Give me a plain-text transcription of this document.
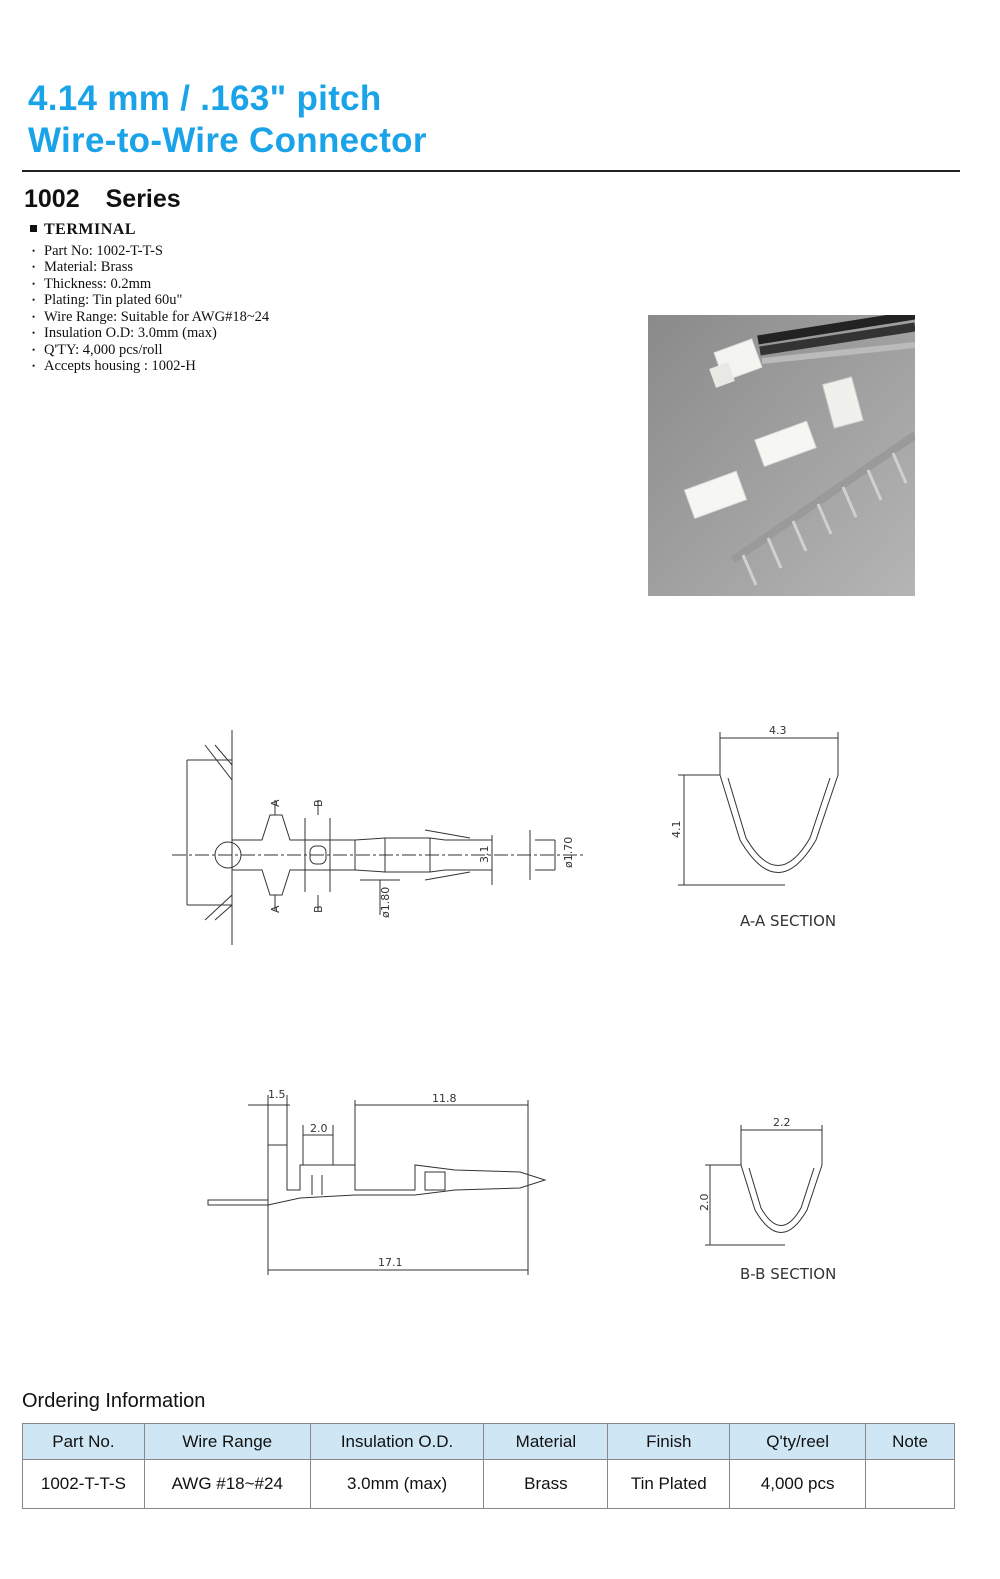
4.14 mm / .163" pitch
Wire-to-Wire Connector
1002 Series
TERMINAL
• Part No: 1002-T-T-S
• Material: Brass
• Thickness: 0.2mm
• Plating: Tin plated 60u"
• Wire Range: Suitable for AWG#18~24
• Insulation O.D: 3.0mm (max)
• Q'TY: 4,000 pcs/roll
• Accepts housing : 1002-H
A	B
A	B
3.1	ø1.70
ø1.80
4.3
4.1
1.5
2.0
11.8
17.1
2.2
2.0
A-A SECTION
B-B SECTION
Ordering Information
Part No.	Wire Range	Insulation O.D.	Material	Finish	Q'ty/reel	Note
1002-T-T-S	AWG #18~#24	3.0mm (max)	Brass	Tin Plated	4,000 pcs	
